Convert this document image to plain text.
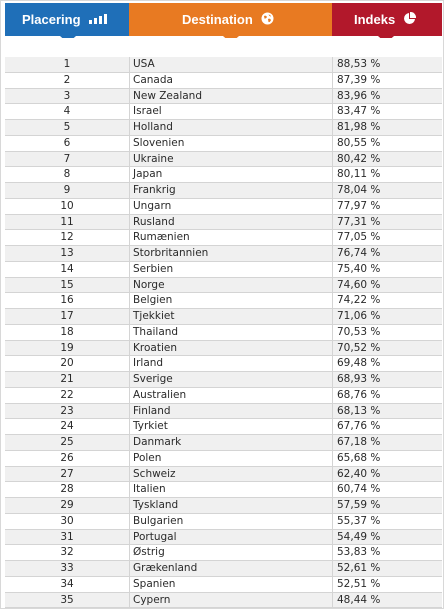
Placering	Destination	Indeks
1	USA	88,53 %
2	Canada	87,39 %
3	New Zealand	83,96 %
4	Israel	83,47 %
5	Holland	81,98 %
6	Slovenien	80,55 %
7	Ukraine	80,42 %
8	Japan	80,11 %
9	Frankrig	78,04 %
10	Ungarn	77,97 %
11	Rusland	77,31 %
12	Rumænien	77,05 %
13	Storbritannien	76,74 %
14	Serbien	75,40 %
15	Norge	74,60 %
16	Belgien	74,22 %
17	Tjekkiet	71,06 %
18	Thailand	70,53 %
19	Kroatien	70,52 %
20	Irland	69,48 %
21	Sverige	68,93 %
22	Australien	68,76 %
23	Finland	68,13 %
24	Tyrkiet	67,76 %
25	Danmark	67,18 %
26	Polen	65,68 %
27	Schweiz	62,40 %
28	Italien	60,74 %
29	Tyskland	57,59 %
30	Bulgarien	55,37 %
31	Portugal	54,49 %
32	Østrig	53,83 %
33	Grækenland	52,61 %
34	Spanien	52,51 %
35	Cypern	48,44 %
